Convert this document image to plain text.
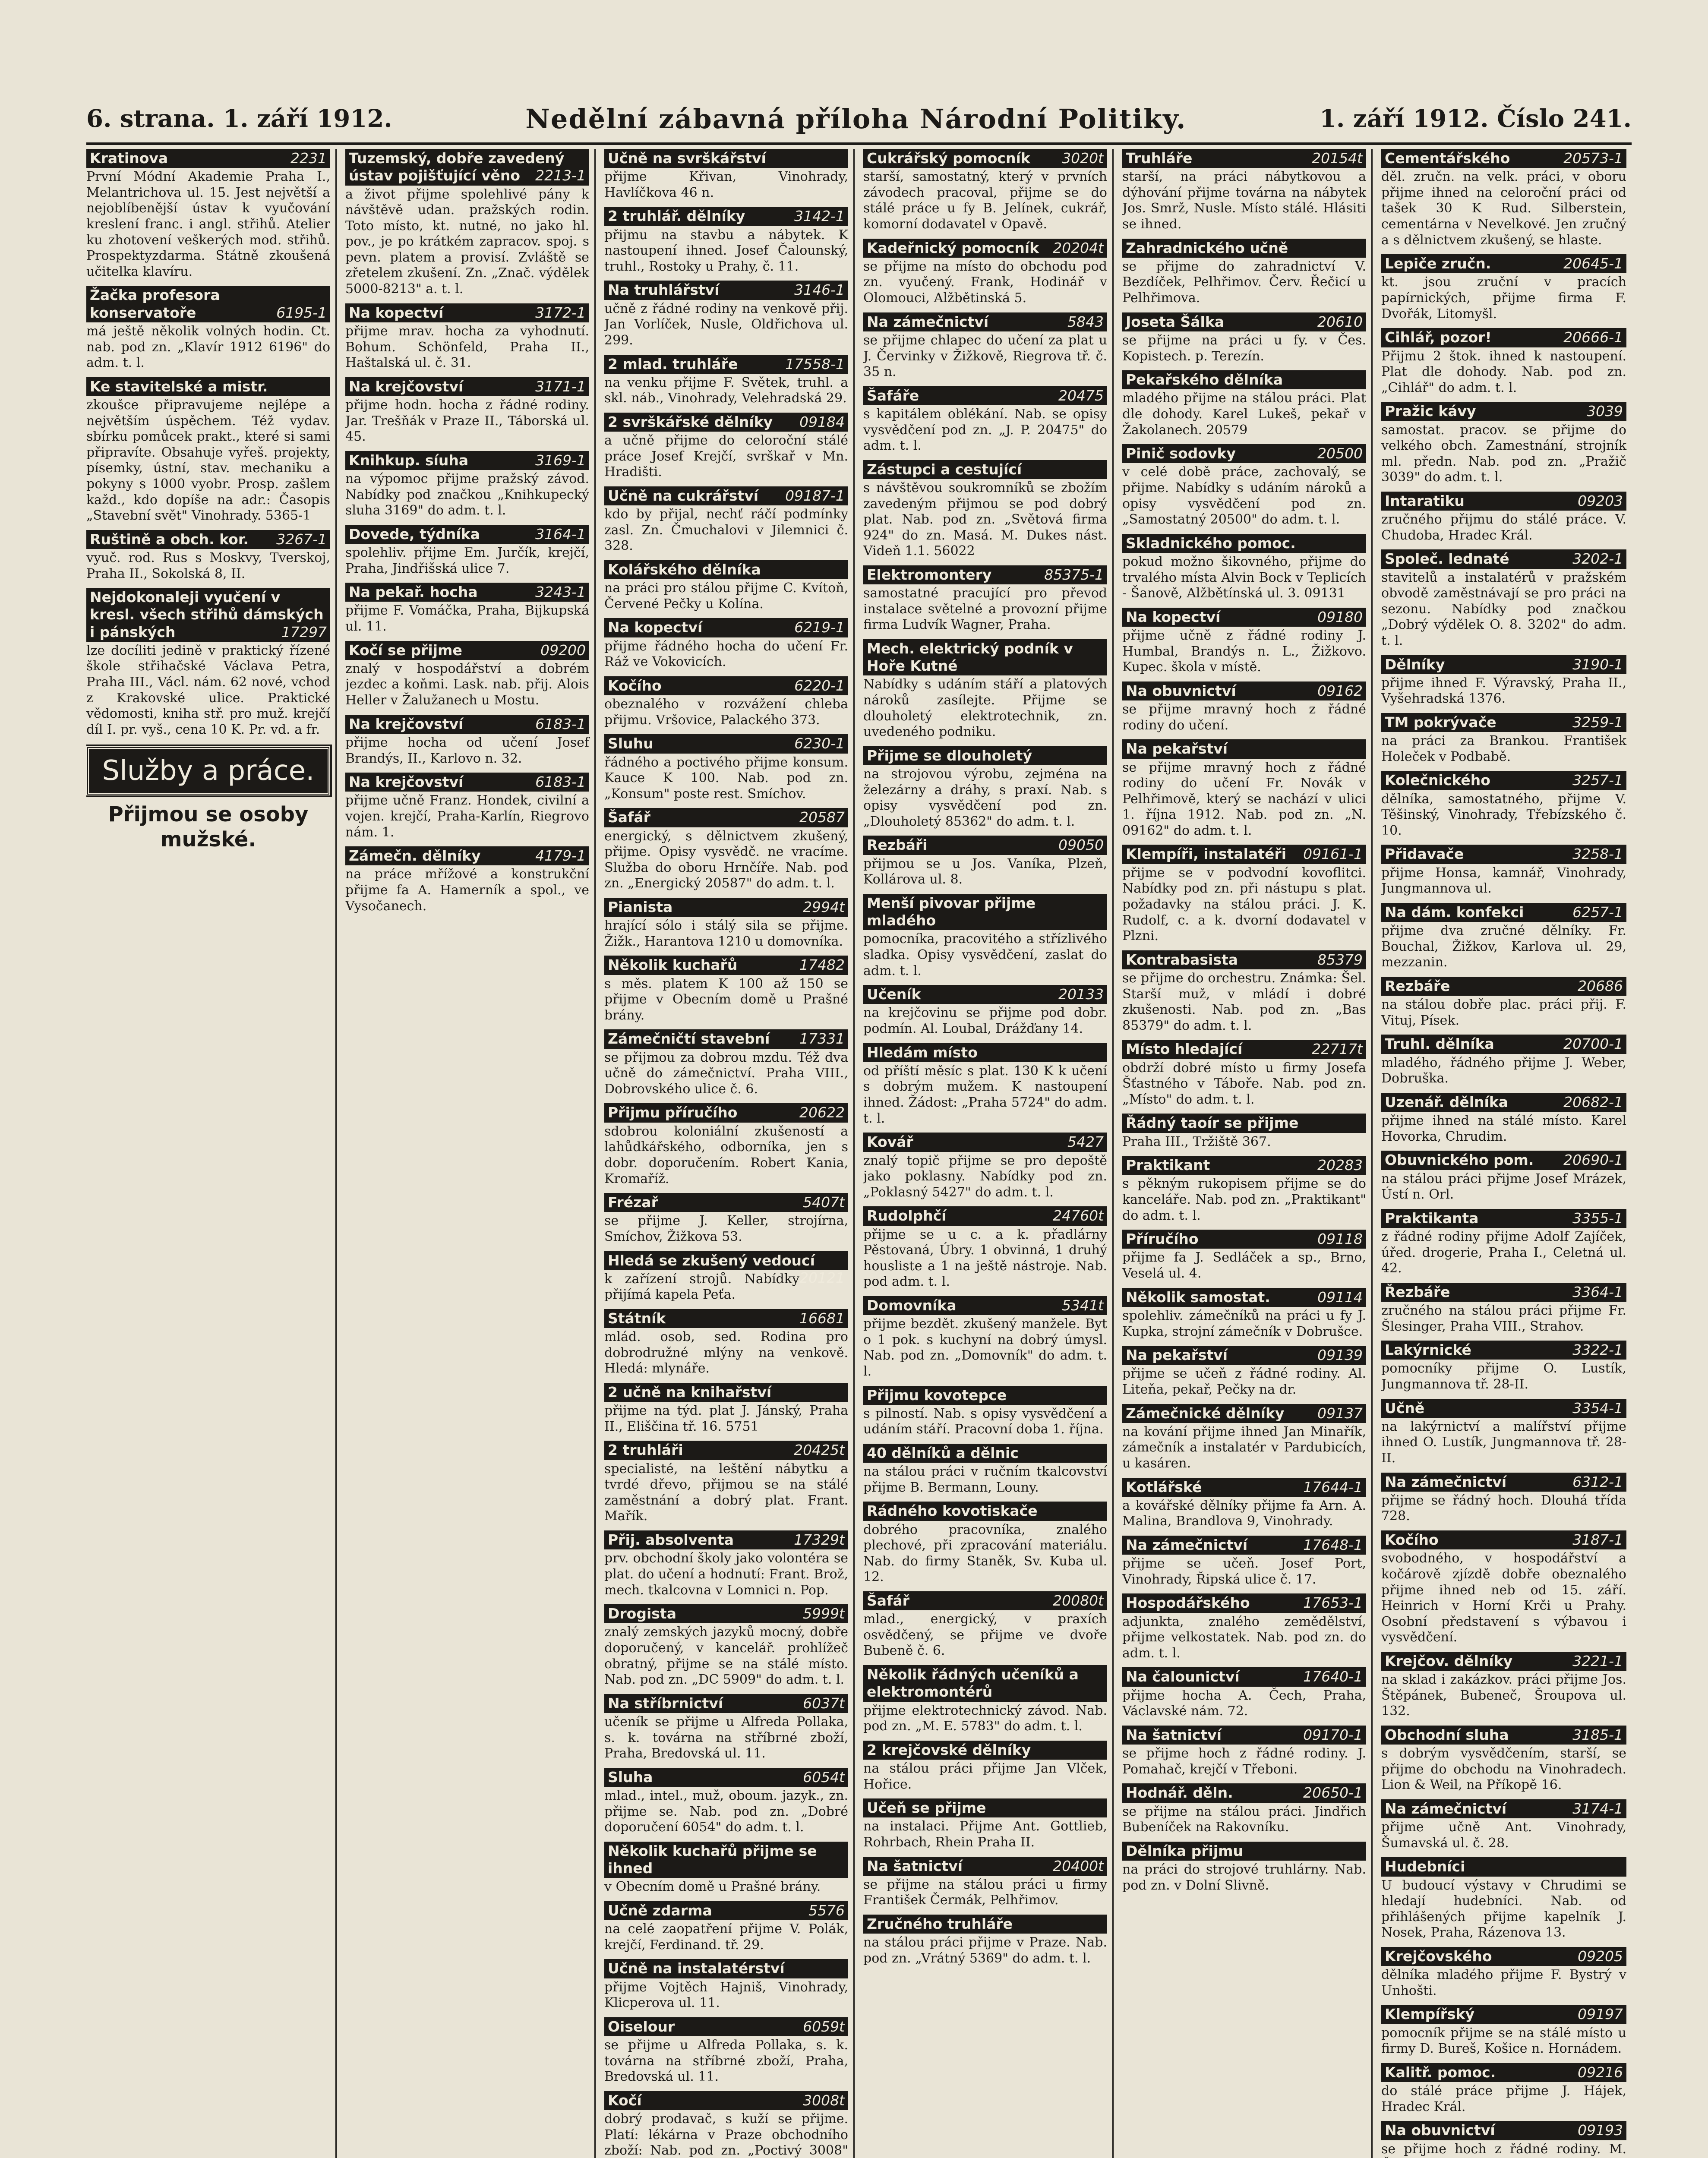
6. strana. 1. září 1912.	Nedělní zábavná příloha Národní Politiky.	1. září 1912. Číslo 241.
Kratinova	2231
První Módní Akademie Praha I., Melantrichova ul. 15. Jest největší a nejoblíbenější ústav k vyučování kreslení franc. i angl. střihů. Atelier ku zhotovení veškerých mod. střihů. Prospektyzdarma. Státně zkoušená učitelka klavíru.
Žačka profesora konservatoře	6195-1
má ještě několik volných hodin. Ct. nab. pod zn. „Klavír 1912 6196" do adm. t. l.
Ke stavitelské a mistr.
zkoušce připravujeme nejlépe a největším úspěchem. Též vydav. sbírku pomůcek prakt., které si sami připravíte. Obsahuje vyřeš. projekty, písemky, ústní, stav. mechaniku a pokyny s 1000 vyobr. Prosp. zašlem každ., kdo dopíše na adr.: Časopis „Stavební svět" Vinohrady. 5365-1
Ruštině a obch. kor. 3267-1
vyuč. rod. Rus s Moskvy, Tverskoj, Praha II., Sokolská 8, II.
Nejdokonaleji vyučení v kresl. všech střihů dámských i pánských	17297
lze docíliti jedině v praktický řízené škole střihačské Václava Petra, Praha III., Václ. nám. 62 nové, vchod z Krakovské ulice. Praktické vědomosti, kniha stř. pro muž. krejčí díl I. pr. vyš., cena 10 K. Pr. vd. a fr.
Služby a práce.
Přijmou se osoby mužské.
Tuzemský, dobře zavedený ústav pojišťující věno 2213-1
a život přijme spolehlivé pány k návštěvě udan. pražských rodin. Toto místo, kt. nutné, no jako hl. pov., je po krátkém zapracov. spoj. s pevn. platem a provisí. Zvláště se zřetelem zkušení. Zn. „Znač. výdělek 5000-8213" a. t. l.
Na kopectví	3172-1
přijme mrav. hocha za vyhodnutí. Bohum. Schönfeld, Praha II., Haštalská ul. č. 31.
Na krejčovství	3171-1
přijme hodn. hocha z řádné rodiny. Jar. Trešňák v Praze II., Táborská ul. 45.
Knihkup. síuha	3169-1
na výpomoc přijme pražský závod. Nabídky pod značkou „Knihkupecký sluha 3169" do adm. t. l.
Dovede, týdníka	3164-1
spolehliv. přijme Em. Jurčík, krejčí, Praha, Jindřišská ulice 7.
Na pekař. hocha	3243-1
přijme F. Vomáčka, Praha, Bijkupská ul. 11.
Kočí se přijme	09200
znalý v hospodářství a dobrém jezdec a koňmi. Lask. nab. přij. Alois Heller v Žalužanech u Mostu.
Na krejčovství	6183-1
přijme hocha od učení Josef Brandýs, II., Karlovo n. 32.
Na krejčovství	6183-1
přijme učně Franz. Hondek, civilní a vojen. krejčí, Praha-Karlín, Riegrovo nám. 1.
Zámečn. dělníky	4179-1
na práce mřížové a konstrukční přijme fa A. Hamerník a spol., ve Vysočanech.
Učně na svrškářství
přijme Křivan, Vinohrady, Havlíčkova 46 n.
2 truhlář. dělníky	3142-1
přijmu na stavbu a nábytek. K nastoupení ihned. Josef Čalounský, truhl., Rostoky u Prahy, č. 11.
Na truhlářství	3146-1
učně z řádné rodiny na venkově přij. Jan Vorlíček, Nusle, Oldřichova ul. 299.
2 mlad. truhláře	17558-1
na venku přijme F. Světek, truhl. a skl. náb., Vinohrady, Velehradská 29.
2 svrškářské dělníky 09184
a učně přijme do celoroční stálé práce Josef Krejčí, svrškař v Mn. Hradišti.
Učně na cukrářství 09187-1
kdo by přijal, nechť ráčí podmínky zasl. Zn. Čmuchalovi v Jilemnici č. 328.
Kolářského dělníka
na práci pro stálou přijme C. Kvítoň, Červené Pečky u Kolína.
Na kopectví	6219-1
přijme řádného hocha do učení Fr. Ráž ve Vokovicích.
Kočího	6220-1
obeznalého v rozvážení chleba přijmu. Vršovice, Palackého 373.
Sluhu	6230-1
řádného a poctivého přijme konsum. Kauce K 100. Nab. pod zn. „Konsum" poste rest. Smíchov.
Šafář	20587
energický, s dělnictvem zkušený, přijme. Opisy vysvědč. ne vracíme. Služba do oboru Hrnčíře. Nab. pod zn. „Energický 20587" do adm. t. l.
Pianista	2994t
hrající sólo i stálý sila se přijme. Žižk., Harantova 1210 u domovníka.
Několik kuchařů	17482
s měs. platem K 100 až 150 se přijme v Obecním domě u Prašné brány.
Zámečničtí stavební 17331
se přijmou za dobrou mzdu. Též dva učně do zámečnictví. Praha VIII., Dobrovského ulice č. 6.
Přijmu příručího	20622
sdobrou koloniální zkušeností a lahůdkářského, odborníka, jen s dobr. doporučením. Robert Kania, Kromaříž.
Frézař	5407t
se přijme J. Keller, strojírna, Smíchov, Žižkova 53.
Hledá se zkušený vedoucí
20121
k zařízení strojů. Nabídky přijímá kapela Peťa.
Státník	16681
mlád. osob, sed. Rodina pro dobrodružné mlýny na venkově. Hledá: mlynáře.
2 učně na knihařství
přijme na týd. plat J. Jánský, Praha II., Eliščina tř. 16. 5751
2 truhláři	20425t
specialisté, na leštění nábytku a tvrdé dřevo, přijmou se na stálé zaměstnání a dobrý plat. Frant. Mařík.
Přij. absolventa	17329t
prv. obchodní školy jako volontéra se plat. do učení a hodnutí: Frant. Brož, mech. tkalcovna v Lomnici n. Pop.
Drogista	5999t
znalý zemských jazyků mocný, dobře doporučený, v kancelář. prohlížeč obratný, přijme se na stálé místo. Nab. pod zn. „DC 5909" do adm. t. l.
Na stříbrnictví	6037t
učeník se přijme u Alfreda Pollaka, s. k. továrna na stříbrné zboží, Praha, Bredovská ul. 11.
Sluha	6054t
mlad., intel., muž, oboum. jazyk., zn. přijme se. Nab. pod zn. „Dobré doporučení 6054" do adm. t. l.
Několik kuchařů přijme se ihned
v Obecním domě u Prašné brány.
Učně zdarma	5576
na celé zaopatření přijme V. Polák, krejčí, Ferdinand. tř. 29.
Učně na instalatérství
přijme Vojtěch Hajniš, Vinohrady, Klicperova ul. 11.
Oiselour	6059t
se přijme u Alfreda Pollaka, s. k. továrna na stříbrné zboží, Praha, Bredovská ul. 11.
Kočí	3008t
dobrý prodavač, s kuží se přijme. Platí: lékárna v Praze obchodního zboží: Nab. pod zn. „Poctivý 3008"
Cukrářský pomocník 3020t
starší, samostatný, který v prvních závodech pracoval, přijme se do stálé práce u fy B. Jelínek, cukrář, komorní dodavatel v Opavě.
Kadeřnický pomocník 20204t
se přijme na místo do obchodu pod zn. vyučený. Frank, Hodinář v Olomouci, Alžbětinská 5.
Na zámečnictví	5843
se přijme chlapec do učení za plat u J. Červinky v Žižkově, Riegrova tř. č. 35 n.
Šafáře	20475
s kapitálem oblékání. Nab. se opisy vysvědčení pod zn. „J. P. 20475" do adm. t. l.
Zástupci a cestující
s návštěvou soukromníků se zbožím zavedeným přijmou se pod dobrý plat. Nab. pod zn. „Světová firma 924" do zn. Masá. M. Dukes nást. Videň 1.1. 56022
Elektromontery	85375-1
samostatné pracující pro převod instalace světelné a provozní přijme firma Ludvík Wagner, Praha.
Mech. elektrický podník v Hoře Kutné
Nabídky s udáním stáří a platových nároků zasílejte. Přijme se dlouholetý elektrotechnik, zn. uvedeného podniku.
Přijme se dlouholetý
na strojovou výrobu, zejména na železárny a dráhy, s praxí. Nab. s opisy vysvědčení pod zn. „Dlouholetý 85362" do adm. t. l.
Rezbáři	09050
přijmou se u Jos. Vaníka, Plzeň, Kollárova ul. 8.
Menší pivovar přijme mladého
pomocníka, pracovitého a střízlivého sladka. Opisy vysvědčení, zaslat do adm. t. l.
Učeník	20133
na krejčovinu se přijme pod dobr. podmín. Al. Loubal, Drážďany 14.
Hledám místo
od příští měsíc s plat. 130 K k učení s dobrým mužem. K nastoupení ihned. Žádost: „Praha 5724" do adm. t. l.
Kovář	5427
znalý topič přijme se pro depoště jako poklasny. Nabídky pod zn. „Poklasný 5427" do adm. t. l.
Rudolphčí	24760t
přijme se u c. a k. přadlárny Pěstovaná, Úbry. 1 obvinná, 1 druhý housliste a 1 na ještě nástroje. Nab. pod adm. t. l.
Domovníka	5341t
přijme bezdět. zkušený manžele. Byt o 1 pok. s kuchyní na dobrý úmysl. Nab. pod zn. „Domovník" do adm. t. l.
Přijmu kovotepce
s pilností. Nab. s opisy vysvědčení a udáním stáří. Pracovní doba 1. října.
40 dělníků a dělnic
na stálou práci v ručním tkalcovství přijme B. Bermann, Louny.
Rádného kovotiskače
dobrého pracovníka, znalého plechové, při zpracování materiálu. Nab. do firmy Staněk, Sv. Kuba ul. 12.
Šafář	20080t
mlad., energický, v praxích osvědčený, se přijme ve dvoře Bubeně č. 6.
Několik řádných učeníků a elektromontérů
přijme elektrotechnický závod. Nab. pod zn. „M. E. 5783" do adm. t. l.
2 krejčovské dělníky
na stálou práci přijme Jan Vlček, Hořice.
Učeň se přijme
na instalaci. Přijme Ant. Gottlieb, Rohrbach, Rhein Praha II.
Na šatnictví	20400t
se přijme na stálou práci u firmy František Čermák, Pelhřimov.
Zručného truhláře
na stálou práci přijme v Praze. Nab. pod zn. „Vrátný 5369" do adm. t. l.
Truhláře	20154t
starší, na práci nábytkovou a dýhování přijme továrna na nábytek Jos. Smrž, Nusle. Místo stálé. Hlásiti se ihned.
Zahradnického učně
se přijme do zahradnictví V. Bezdíček, Pelhřimov. Červ. Řečicí u Pelhřimova.
Joseta Šálka	20610
se přijme na práci u fy. v Čes. Kopistech. p. Terezín.
Pekařského dělníka
mladého přijme na stálou práci. Plat dle dohody. Karel Lukeš, pekař v Žakolanech. 20579
Pinič sodovky	20500
v celé době práce, zachovalý, se přijme. Nabídky s udáním nároků a opisy vysvědčení pod zn. „Samostatný 20500" do adm. t. l.
Skladnického pomoc.
pokud možno šikovného, přijme do trvalého místa Alvin Bock v Teplicích - Šanově, Alžbětínská ul. 3. 09131
Na kopectví	09180
přijme učně z řádné rodiny J. Humbal, Brandýs n. L., Žižkovo. Kupec. škola v místě.
Na obuvnictví	09162
se přijme mravný hoch z řádné rodiny do učení.
Na pekařství
se přijme mravný hoch z řádné rodiny do učení Fr. Novák v Pelhřimově, který se nachází v ulici 1. října 1912. Nab. pod zn. „N. 09162" do adm. t. l.
Klempíři, instalatéři 09161-1
přijme se v podvodní kovoflitci. Nabídky pod zn. při nástupu s plat. požadavky na stálou práci. J. K. Rudolf, c. a k. dvorní dodavatel v Plzni.
Kontrabasista	85379
se přijme do orchestru. Známka: Šel. Starší muž, v mládí i dobré zkušenosti. Nab. pod zn. „Bas 85379" do adm. t. l.
Místo hledající	22717t
obdrží dobré místo u firmy Josefa Šťastného v Táboře. Nab. pod zn. „Místo" do adm. t. l.
Řádný taoír se přijme
Praha III., Tržiště 367.
Praktikant	20283
s pěkným rukopisem přijme se do kanceláře. Nab. pod zn. „Praktikant" do adm. t. l.
Příručího	09118
přijme fa J. Sedláček a sp., Brno, Veselá ul. 4.
Několik samostat.	09114
spolehliv. zámečníků na práci u fy J. Kupka, strojní zámečník v Dobrušce.
Na pekařství	09139
přijme se učeň z řádné rodiny. Al. Liteňa, pekař, Pečky na dr.
Zámečnické dělníky 09137
na kování přijme ihned Jan Minařík, zámečník a instalatér v Pardubicích, u kasáren.
Kotlářské	17644-1
a kovářské dělníky přijme fa Arn. A. Malina, Brandlova 9, Vinohrady.
Na zámečnictví	17648-1
přijme se učeň. Josef Port, Vinohrady, Řipská ulice č. 17.
Hospodářského	17653-1
adjunkta, znalého zemědělství, přijme velkostatek. Nab. pod zn. do adm. t. l.
Na čalounictví	17640-1
přijme hocha A. Čech, Praha, Václavské nám. 72.
Na šatnictví	09170-1
se přijme hoch z řádné rodiny. J. Pomahač, krejčí v Třeboni.
Hodnář. děln.	20650-1
se přijme na stálou práci. Jindřich Bubeníček na Rakovníku.
Dělníka přijmu
na práci do strojové truhlárny. Nab. pod zn. v Dolní Slivně.
Cementářského	20573-1
děl. zručn. na velk. práci, v oboru přijme ihned na celoroční práci od tašek 30 K Rud. Silberstein, cementárna v Nevelkové. Jen zručný a s dělnictvem zkušený, se hlaste.
Lepiče zručn.	20645-1
kt. jsou zruční v pracích papírnických, přijme firma F. Dvořák, Litomyšl.
Cihlář, pozor!	20666-1
Přijmu 2 štok. ihned k nastoupení. Plat dle dohody. Nab. pod zn. „Cihlář" do adm. t. l.
Pražic kávy	3039
samostat. pracov. se přijme do velkého obch. Zamestnání, strojník ml. předn. Nab. pod zn. „Pražič 3039" do adm. t. l.
Intaratiku	09203
zručného přijmu do stálé práce. V. Chudoba, Hradec Král.
Společ. lednaté	3202-1
stavitelů a instalatérů v pražském obvodě zaměstnávají se pro práci na sezonu. Nabídky pod značkou „Dobrý výdělek O. 8. 3202" do adm. t. l.
Dělníky	3190-1
přijme ihned F. Výravský, Praha II., Vyšehradská 1376.
TM pokrývače	3259-1
na práci za Brankou. František Holeček v Podbabě.
Kolečnického	3257-1
dělníka, samostatného, přijme V. Těšinský, Vinohrady, Třebízského č. 10.
Přidavače	3258-1
přijme Honsa, kamnář, Vinohrady, Jungmannova ul.
Na dám. konfekci	6257-1
přijme dva zručné dělníky. Fr. Bouchal, Žižkov, Karlova ul. 29, mezzanin.
Rezbáře	20686
na stálou dobře plac. práci přij. F. Vituj, Písek.
Truhl. dělníka	20700-1
mladého, řádného přijme J. Weber, Dobruška.
Uzenář. dělníka	20682-1
přijme ihned na stálé místo. Karel Hovorka, Chrudim.
Obuvnického pom. 20690-1
na stálou práci přijme Josef Mrázek, Ústí n. Orl.
Praktikanta	3355-1
z řádné rodiny přijme Adolf Zajíček, úřed. drogerie, Praha I., Celetná ul. 42.
Řezbáře	3364-1
zručného na stálou práci přijme Fr. Šlesinger, Praha VIII., Strahov.
Lakýrnické	3322-1
pomocníky přijme O. Lustík, Jungmannova tř. 28-II.
Učně	3354-1
na lakýrnictví a malířství přijme ihned O. Lustík, Jungmannova tř. 28-II.
Na zámečnictví	6312-1
přijme se řádný hoch. Dlouhá třída 728.
Kočího	3187-1
svobodného, v hospodářství a kočárově zjízdě dobře obeznalého přijme ihned neb od 15. září. Heinrich v Horní Krči u Prahy. Osobní představení s výbavou i vysvědčení.
Krejčov. dělníky	3221-1
na sklad i zakázkov. práci přijme Jos. Štěpánek, Bubeneč, Šroupova ul. 132.
Obchodní sluha	3185-1
s dobrým vysvědčením, starší, se přijme do obchodu na Vinohradech. Lion & Weil, na Příkopě 16.
Na zámečnictví	3174-1
přijme učně Ant. Vinohrady, Šumavská ul. č. 28.
Hudebníci
U budoucí výstavy v Chrudimi se hledají hudebníci. Nab. od přihlášených přijme kapelník J. Nosek, Praha, Rázenova 13.
Krejčovského	09205
dělníka mladého přijme F. Bystrý v Unhošti.
Klempířský	09197
pomocník přijme se na stálé místo u firmy D. Bureš, Košice n. Hornádem.
Kalitř. pomoc.	09216
do stálé práce přijme J. Hájek, Hradec Král.
Na obuvnictví	09193
se přijme hoch z řádné rodiny. M.
